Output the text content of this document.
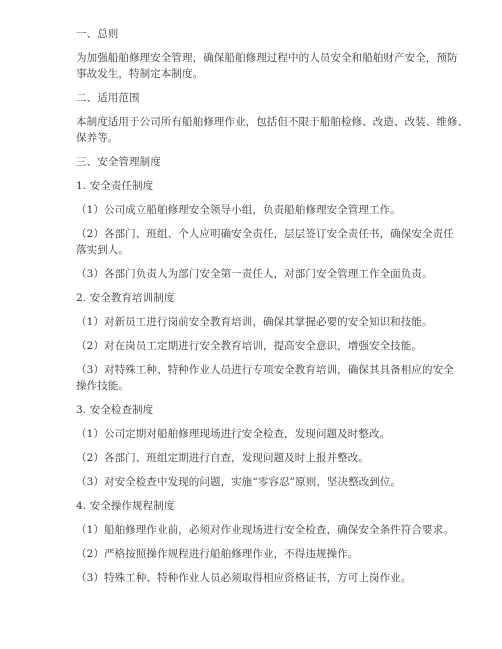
一、总则
为加强船舶修理安全管理，确保船舶修理过程中的人员安全和船舶财产安全，预防
事故发生，特制定本制度。
二、适用范围
本制度适用于公司所有船舶修理作业，包括但不限于船舶检修、改造、改装、维修、
保养等。
三、安全管理制度
1. 安全责任制度
（1）公司成立船舶修理安全领导小组，负责船舶修理安全管理工作。
（2）各部门、班组、个人应明确安全责任，层层签订安全责任书，确保安全责任
落实到人。
（3）各部门负责人为部门安全第一责任人，对部门安全管理工作全面负责。
2. 安全教育培训制度
（1）对新员工进行岗前安全教育培训，确保其掌握必要的安全知识和技能。
（2）对在岗员工定期进行安全教育培训，提高安全意识，增强安全技能。
（3）对特殊工种、特种作业人员进行专项安全教育培训，确保其具备相应的安全
操作技能。
3. 安全检查制度
（1）公司定期对船舶修理现场进行安全检查，发现问题及时整改。
（2）各部门、班组定期进行自查，发现问题及时上报并整改。
（3）对安全检查中发现的问题，实施“零容忍”原则，坚决整改到位。
4. 安全操作规程制度
（1）船舶修理作业前，必须对作业现场进行安全检查，确保安全条件符合要求。
（2）严格按照操作规程进行船舶修理作业，不得违规操作。
（3）特殊工种、特种作业人员必须取得相应资格证书，方可上岗作业。
